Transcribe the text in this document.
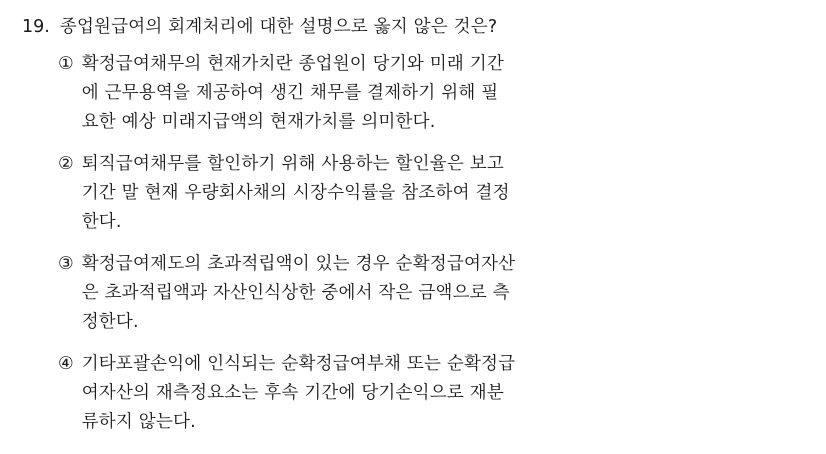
19. 종업원급여의 회계처리에 대한 설명으로 옳지 않은 것은?
① 확정급여채무의 현재가치란 종업원이 당기와 미래 기간
에 근무용역을 제공하여 생긴 채무를 결제하기 위해 필
요한 예상 미래지급액의 현재가치를 의미한다.
② 퇴직급여채무를 할인하기 위해 사용하는 할인율은 보고
기간 말 현재 우량회사채의 시장수익률을 참조하여 결정
한다.
③ 확정급여제도의 초과적립액이 있는 경우 순확정급여자산
은 초과적립액과 자산인식상한 중에서 작은 금액으로 측
정한다.
④ 기타포괄손익에 인식되는 순확정급여부채 또는 순확정급
여자산의 재측정요소는 후속 기간에 당기손익으로 재분
류하지 않는다.
